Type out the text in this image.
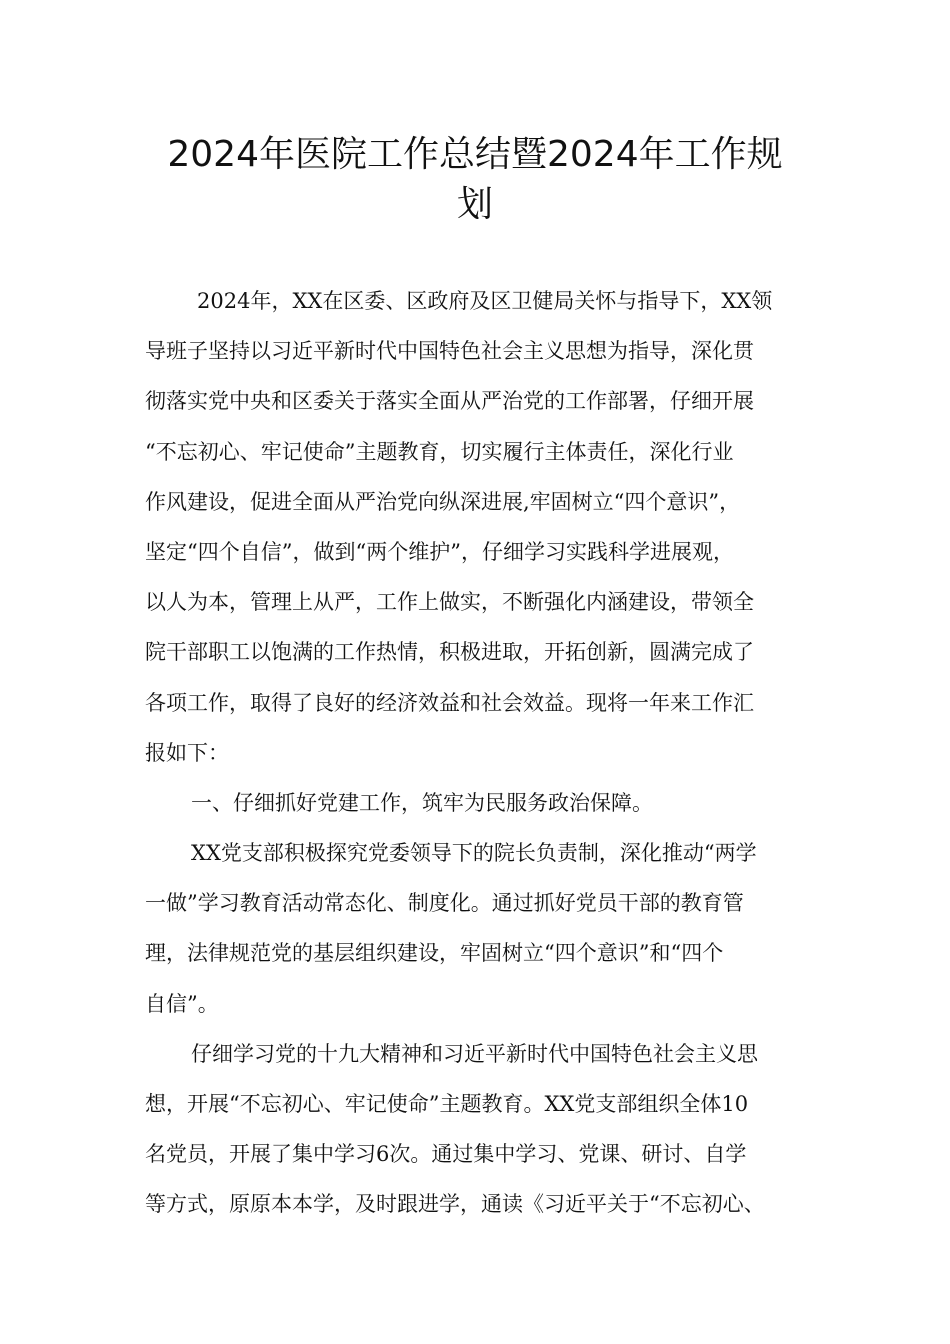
2024年医院工作总结暨2024年工作规
划
2024年，XX在区委、区政府及区卫健局关怀与指导下，XX领
导班子坚持以习近平新时代中国特色社会主义思想为指导，深化贯
彻落实党中央和区委关于落实全面从严治党的工作部署，仔细开展
“不忘初心、牢记使命”主题教育，切实履行主体责任，深化行业
作风建设，促进全面从严治党向纵深进展,牢固树立“四个意识”，
坚定“四个自信”，做到“两个维护”，仔细学习实践科学进展观，
以人为本，管理上从严，工作上做实，不断强化内涵建设，带领全
院干部职工以饱满的工作热情，积极进取，开拓创新，圆满完成了
各项工作，取得了良好的经济效益和社会效益。现将一年来工作汇
报如下：
一、仔细抓好党建工作，筑牢为民服务政治保障。
XX党支部积极探究党委领导下的院长负责制，深化推动“两学
一做”学习教育活动常态化、制度化。通过抓好党员干部的教育管
理，法律规范党的基层组织建设，牢固树立“四个意识”和“四个
自信”。
仔细学习党的十九大精神和习近平新时代中国特色社会主义思
想，开展“不忘初心、牢记使命”主题教育。XX党支部组织全体10
名党员，开展了集中学习6次。通过集中学习、党课、研讨、自学
等方式，原原本本学，及时跟进学，通读《习近平关于“不忘初心、
